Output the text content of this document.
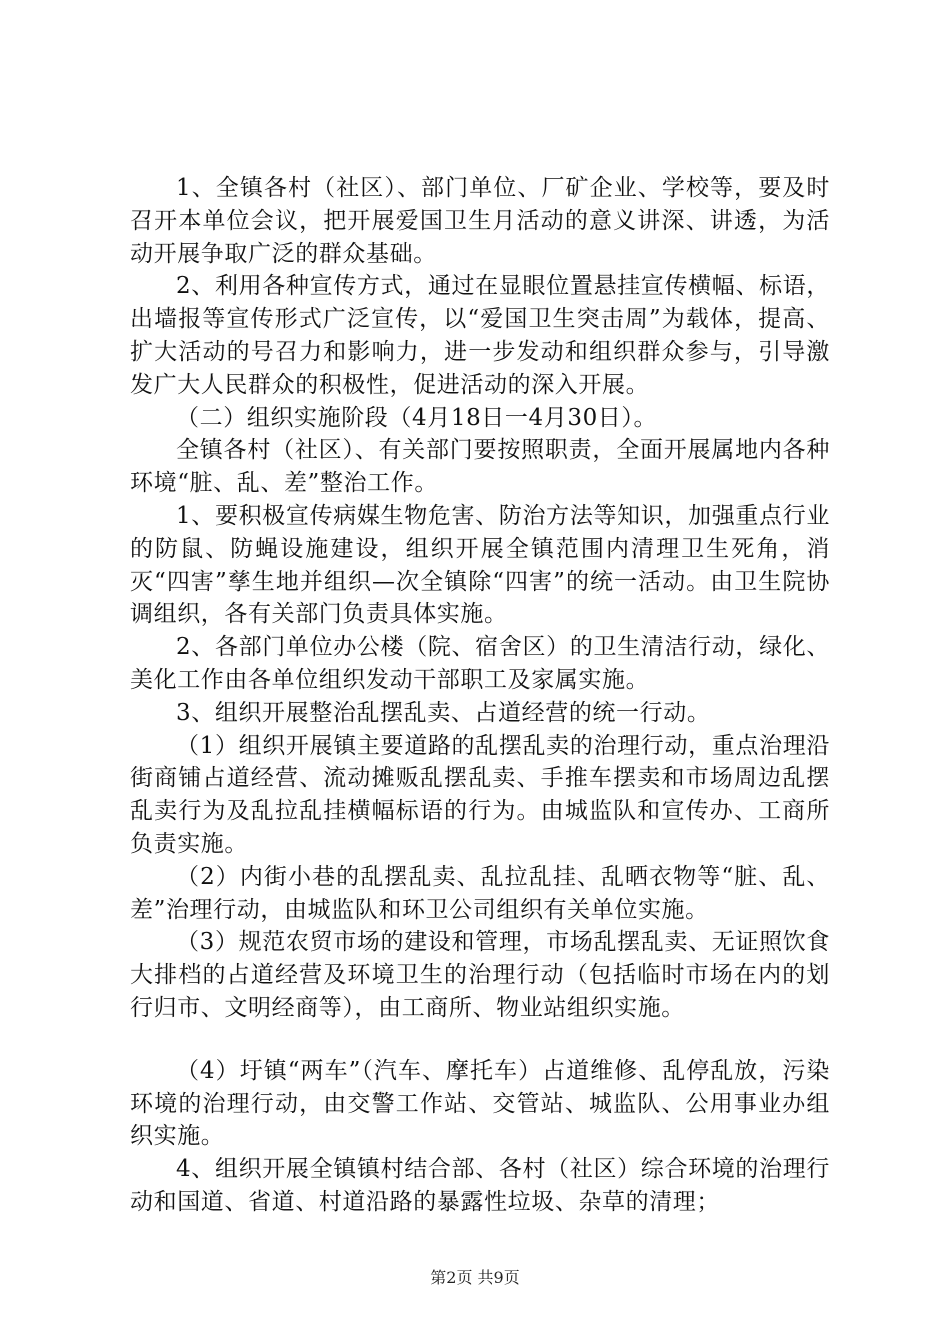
1、全镇各村（社区）、部门单位、厂矿企业、学校等，要及时召开本单位会议，把开展爱国卫生月活动的意义讲深、讲透，为活动开展争取广泛的群众基础。

2、利用各种宣传方式，通过在显眼位置悬挂宣传横幅、标语，出墙报等宣传形式广泛宣传，以“爱国卫生突击周”为载体，提高、扩大活动的号召力和影响力，进一步发动和组织群众参与，引导激发广大人民群众的积极性，促进活动的深入开展。

（二）组织实施阶段（4月18日一4月30日）。

全镇各村（社区）、有关部门要按照职责，全面开展属地内各种环境“脏、乱、差”整治工作。

1、要积极宣传病媒生物危害、防治方法等知识，加强重点行业的防鼠、防蝇设施建设，组织开展全镇范围内清理卫生死角，消灭“四害”孳生地并组织—次全镇除“四害”的统一活动。由卫生院协调组织，各有关部门负责具体实施。

2、各部门单位办公楼（院、宿舍区）的卫生清洁行动，绿化、美化工作由各单位组织发动干部职工及家属实施。

3、组织开展整治乱摆乱卖、占道经营的统一行动。

（1）组织开展镇主要道路的乱摆乱卖的治理行动，重点治理沿街商铺占道经营、流动摊贩乱摆乱卖、手推车摆卖和市场周边乱摆乱卖行为及乱拉乱挂横幅标语的行为。由城监队和宣传办、工商所负责实施。

（2）内街小巷的乱摆乱卖、乱拉乱挂、乱晒衣物等“脏、乱、差”治理行动，由城监队和环卫公司组织有关单位实施。

（3）规范农贸市场的建设和管理，市场乱摆乱卖、无证照饮食大排档的占道经营及环境卫生的治理行动（包括临时市场在内的划行归市、文明经商等），由工商所、物业站组织实施。

（4）圩镇“两车”（汽车、摩托车）占道维修、乱停乱放，污染环境的治理行动，由交警工作站、交管站、城监队、公用事业办组织实施。

4、组织开展全镇镇村结合部、各村（社区）综合环境的治理行动和国道、省道、村道沿路的暴露性垃圾、杂草的清理；

第2页 共9页
